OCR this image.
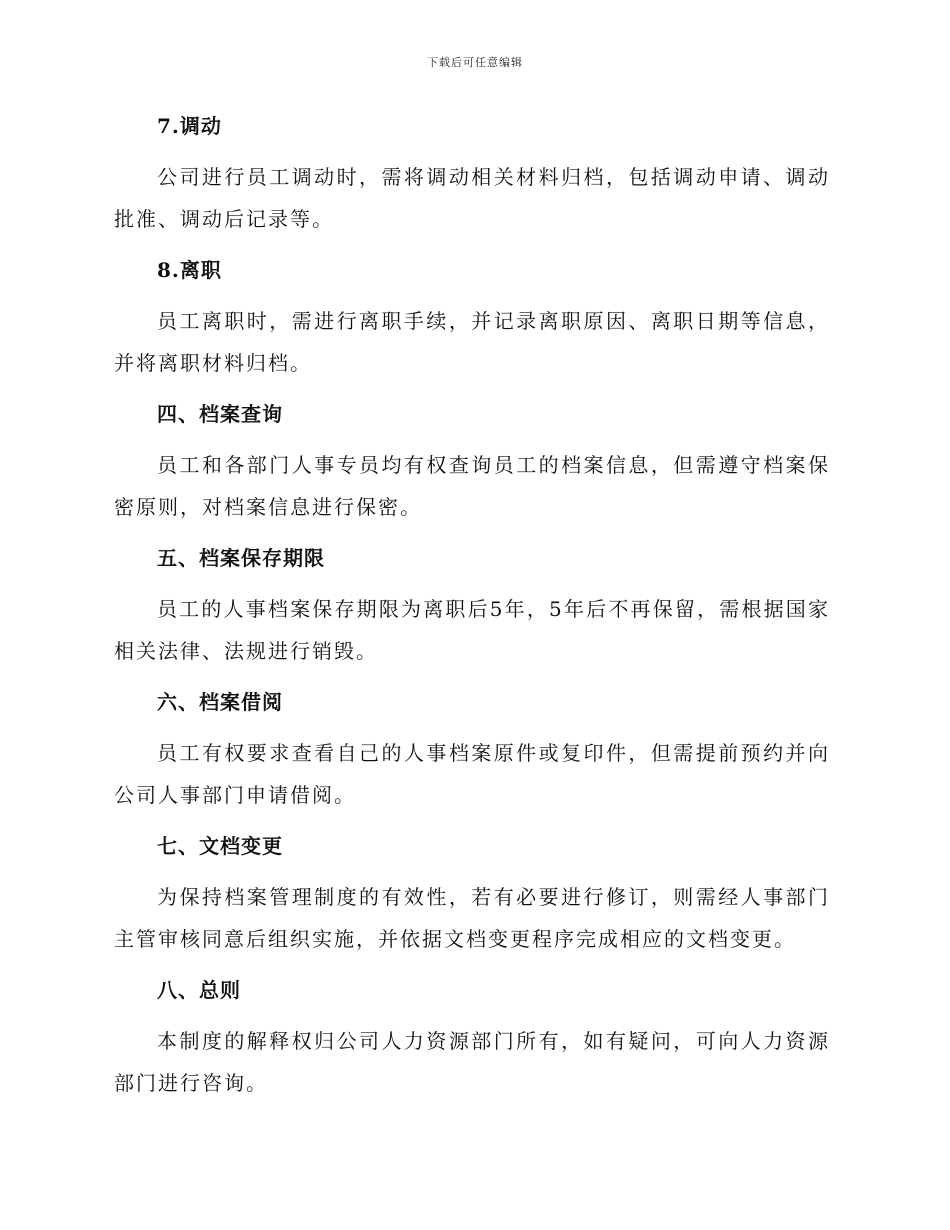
下载后可任意编辑
7.调动

公司进行员工调动时，需将调动相关材料归档，包括调动申请、调动批准、调动后记录等。

8.离职

员工离职时，需进行离职手续，并记录离职原因、离职日期等信息，并将离职材料归档。

四、档案查询

员工和各部门人事专员均有权查询员工的档案信息，但需遵守档案保密原则，对档案信息进行保密。

五、档案保存期限

员工的人事档案保存期限为离职后5年，5年后不再保留，需根据国家相关法律、法规进行销毁。

六、档案借阅

员工有权要求查看自己的人事档案原件或复印件，但需提前预约并向公司人事部门申请借阅。

七、文档变更

为保持档案管理制度的有效性，若有必要进行修订，则需经人事部门主管审核同意后组织实施，并依据文档变更程序完成相应的文档变更。

八、总则

本制度的解释权归公司人力资源部门所有，如有疑问，可向人力资源部门进行咨询。
